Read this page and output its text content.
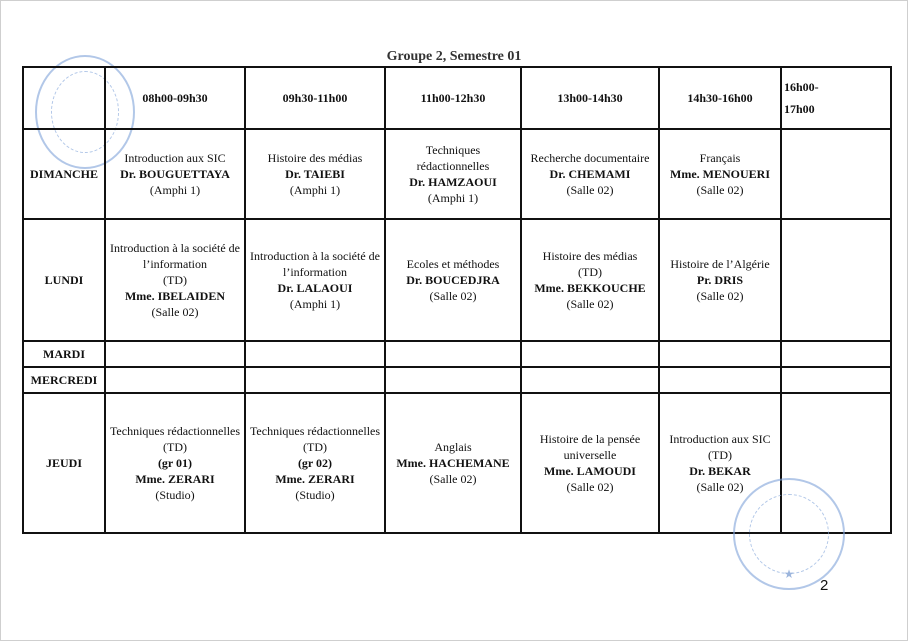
Groupe 2, Semestre 01
	08h00-09h30	09h30-11h00	11h00-12h30	13h00-14h30	14h30-16h00	16h00-
17h00
DIMANCHE	Introduction aux SIC
Dr. BOUGUETTAYA
(Amphi 1)	Histoire des médias
Dr. TAIEBI
(Amphi 1)	Techniques rédactionnelles
Dr. HAMZAOUI
(Amphi 1)	Recherche documentaire
Dr. CHEMAMI
(Salle 02)	Français
Mme. MENOUERI
(Salle 02)	

LUNDI	Introduction à la société de l’information
(TD)
Mme. IBELAIDEN
(Salle 02)	Introduction à la société de l’information
Dr. LALAOUI
(Amphi 1)	Ecoles et méthodes
Dr. BOUCEDJRA
(Salle 02)	Histoire des médias
(TD)
Mme. BEKKOUCHE
(Salle 02)	Histoire de l’Algérie
Pr. DRIS
(Salle 02)	

MARDI						
MERCREDI						
JEUDI	Techniques rédactionnelles
(TD)
(gr 01)
Mme. ZERARI
(Studio)	Techniques rédactionnelles
(TD)
(gr 02)
Mme. ZERARI
(Studio)	Anglais
Mme. HACHEMANE
(Salle 02)	Histoire de la pensée universelle
Mme. LAMOUDI
(Salle 02)	Introduction aux SIC
(TD)
Dr. BEKAR
(Salle 02)	

★
2
